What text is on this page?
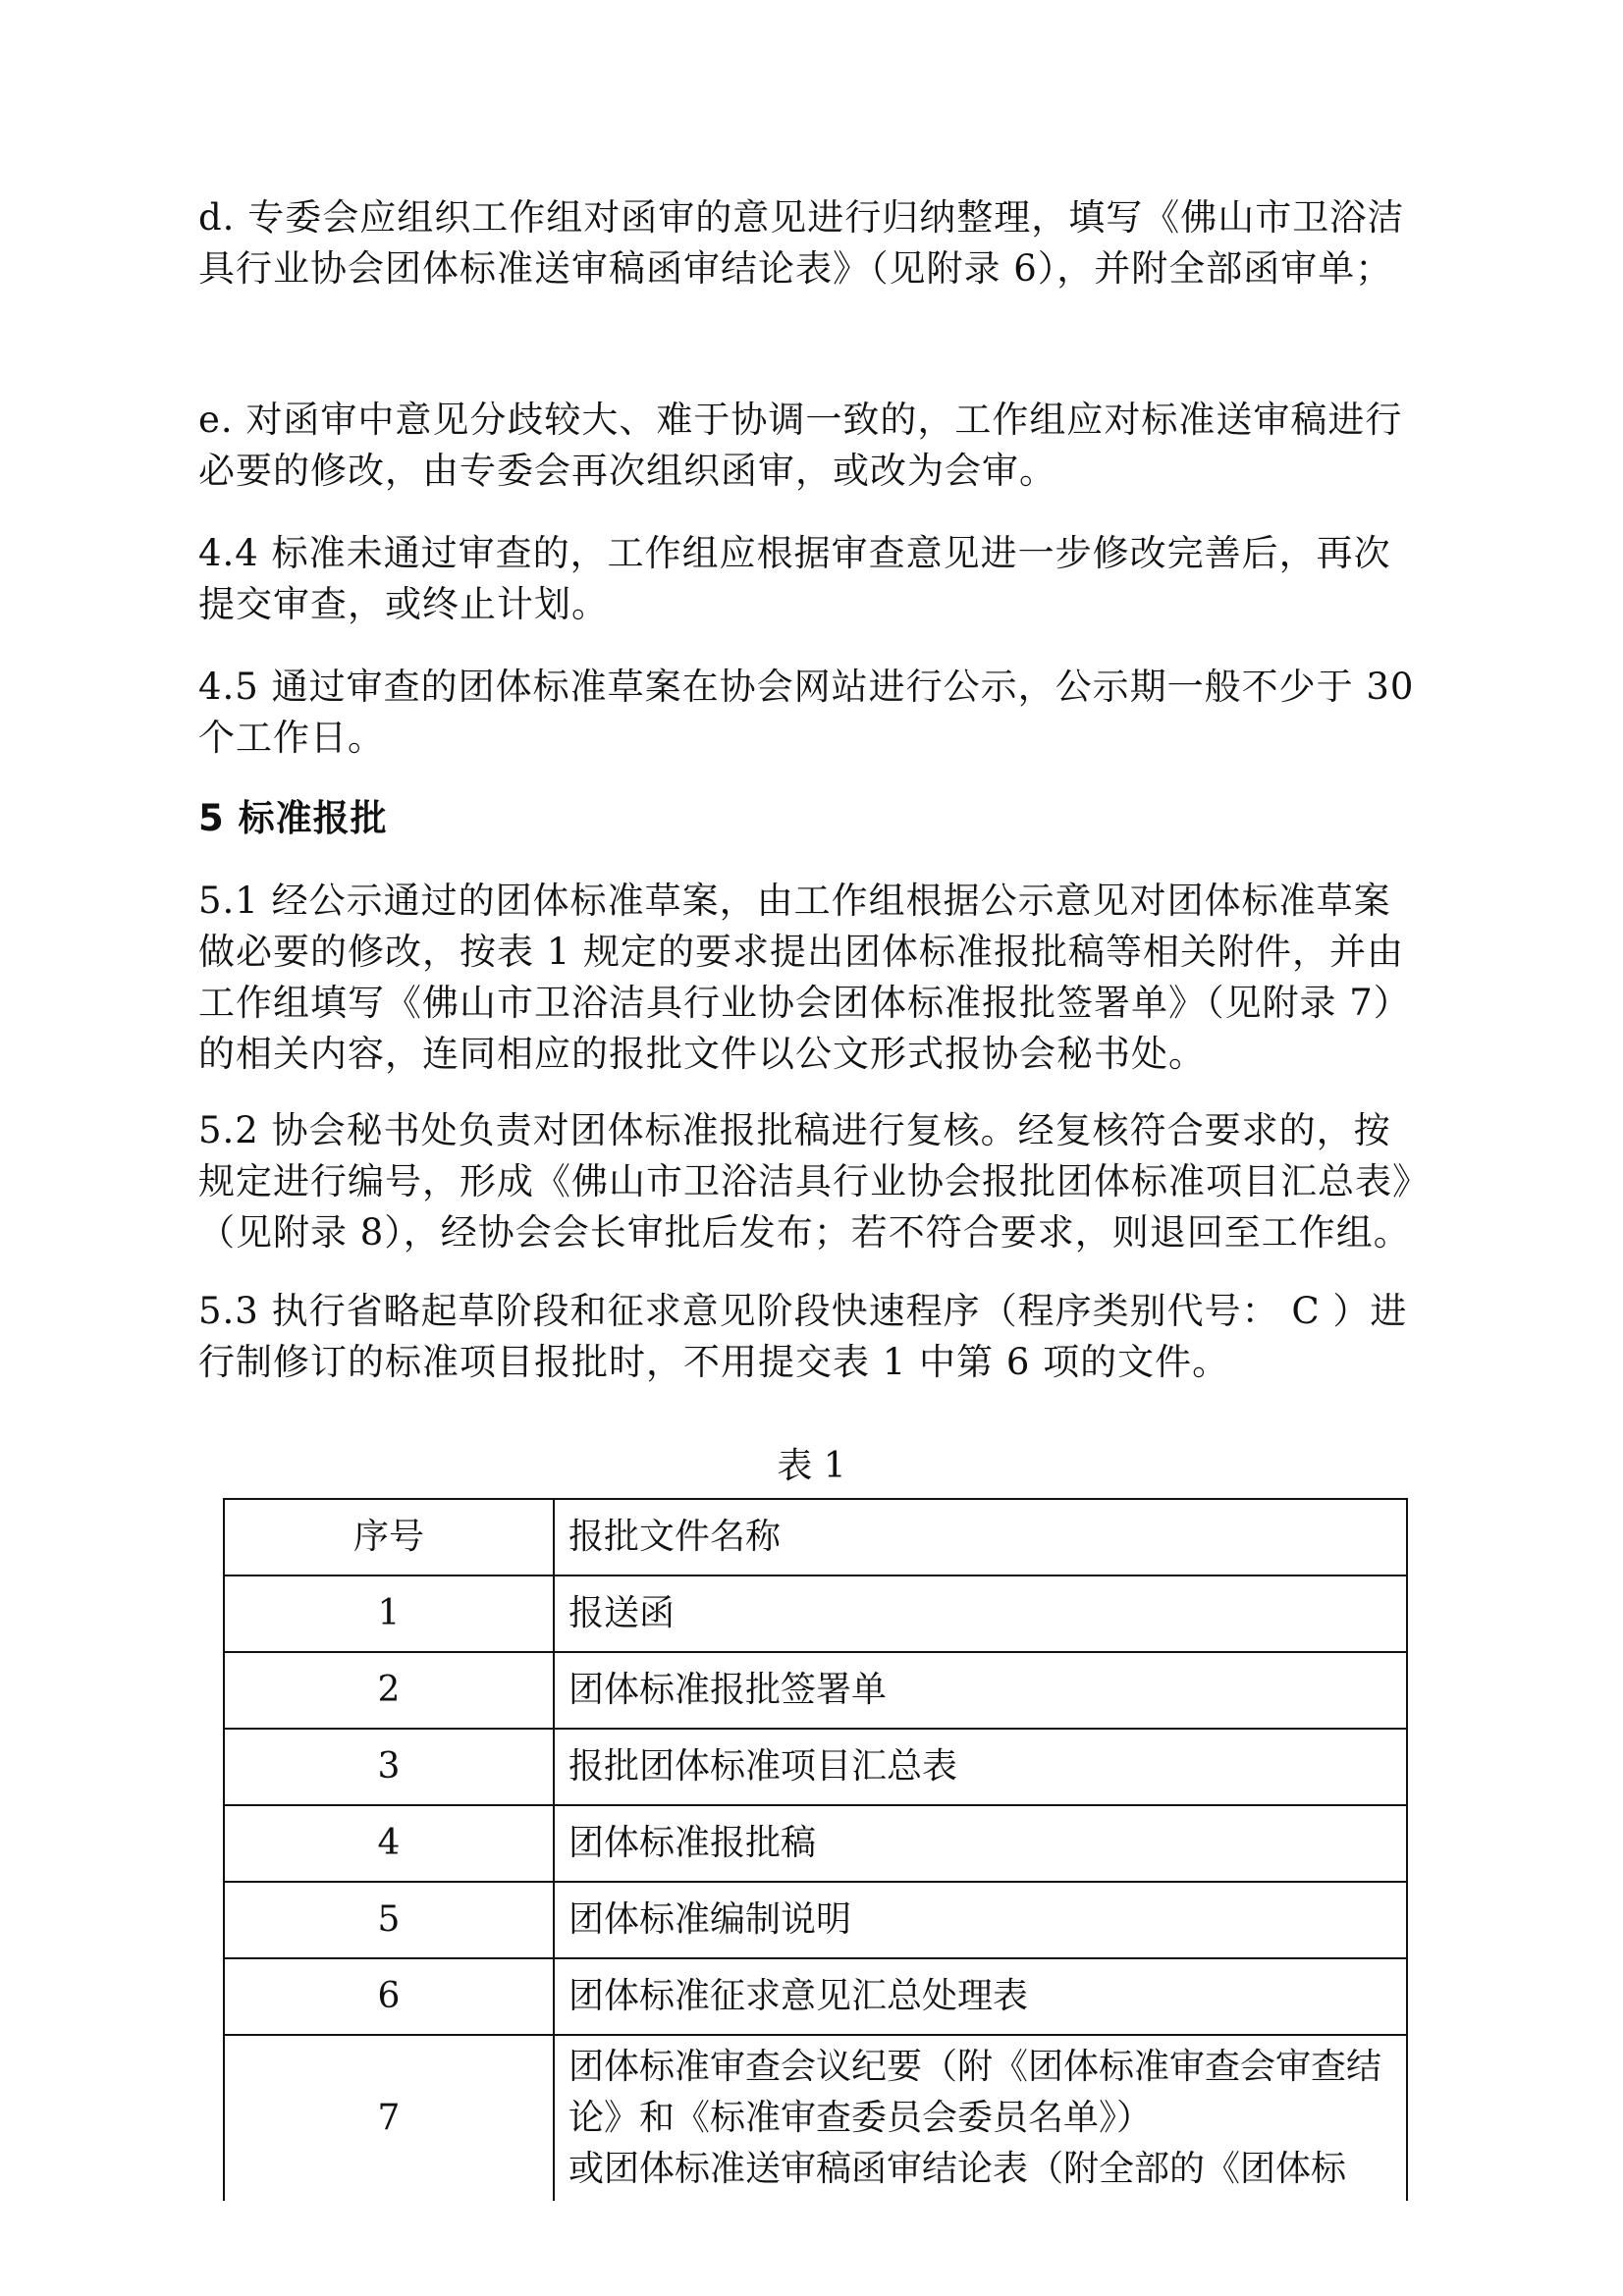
d. 专委会应组织工作组对函审的意见进行归纳整理，填写《佛山市卫浴洁具行业协会团体标准送审稿函审结论表》（见附录 6），并附全部函审单；

e. 对函审中意见分歧较大、难于协调一致的，工作组应对标准送审稿进行必要的修改，由专委会再次组织函审，或改为会审。

4.4 标准未通过审查的，工作组应根据审查意见进一步修改完善后，再次提交审查，或终止计划。

4.5 通过审查的团体标准草案在协会网站进行公示，公示期一般不少于 30 个工作日。

5 标准报批

5.1 经公示通过的团体标准草案，由工作组根据公示意见对团体标准草案做必要的修改，按表 1 规定的要求提出团体标准报批稿等相关附件，并由工作组填写《佛山市卫浴洁具行业协会团体标准报批签署单》（见附录 7）的相关内容，连同相应的报批文件以公文形式报协会秘书处。

5.2 协会秘书处负责对团体标准报批稿进行复核。经复核符合要求的，按规定进行编号，形成《佛山市卫浴洁具行业协会报批团体标准项目汇总表》（见附录 8），经协会会长审批后发布；若不符合要求，则退回至工作组。

5.3 执行省略起草阶段和征求意见阶段快速程序（程序类别代号： C ）进行制修订的标准项目报批时，不用提交表 1 中第 6 项的文件。

表 1

序号	报批文件名称
1	报送函
2	团体标准报批签署单
3	报批团体标准项目汇总表
4	团体标准报批稿
5	团体标准编制说明
6	团体标准征求意见汇总处理表
7	团体标准审查会议纪要（附《团体标准审查会审查结论》和《标准审查委员会委员名单》）
或团体标准送审稿函审结论表（附全部的《团体标
